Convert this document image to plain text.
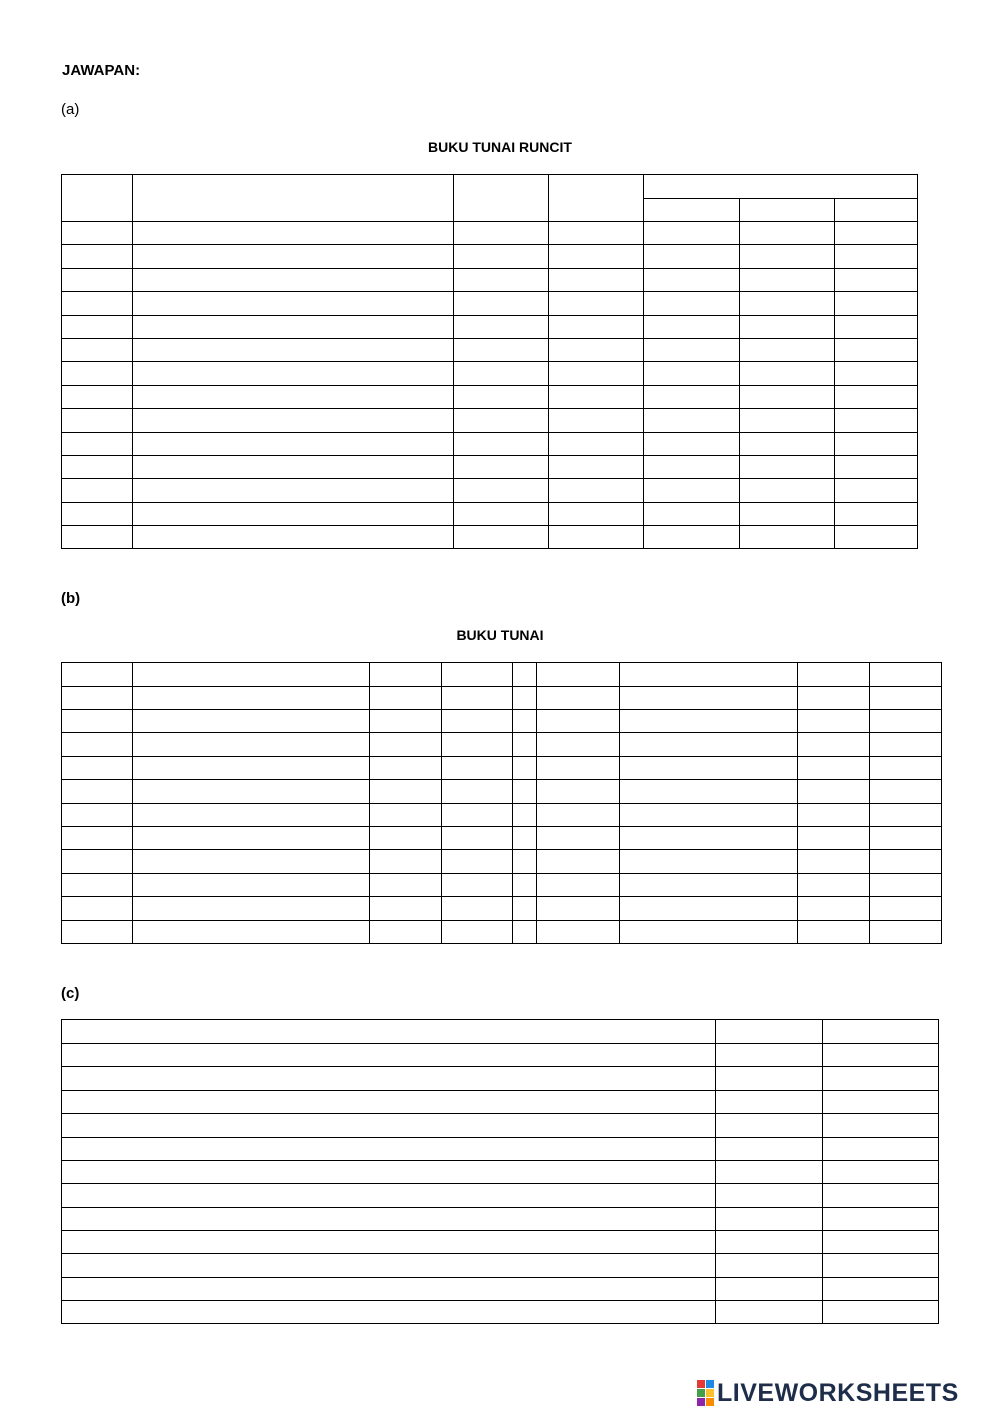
JAWAPAN:
(a)
BUKU TUNAI RUNCIT
(b)
BUKU TUNAI
(c)
LIVEWORKSHEETS
